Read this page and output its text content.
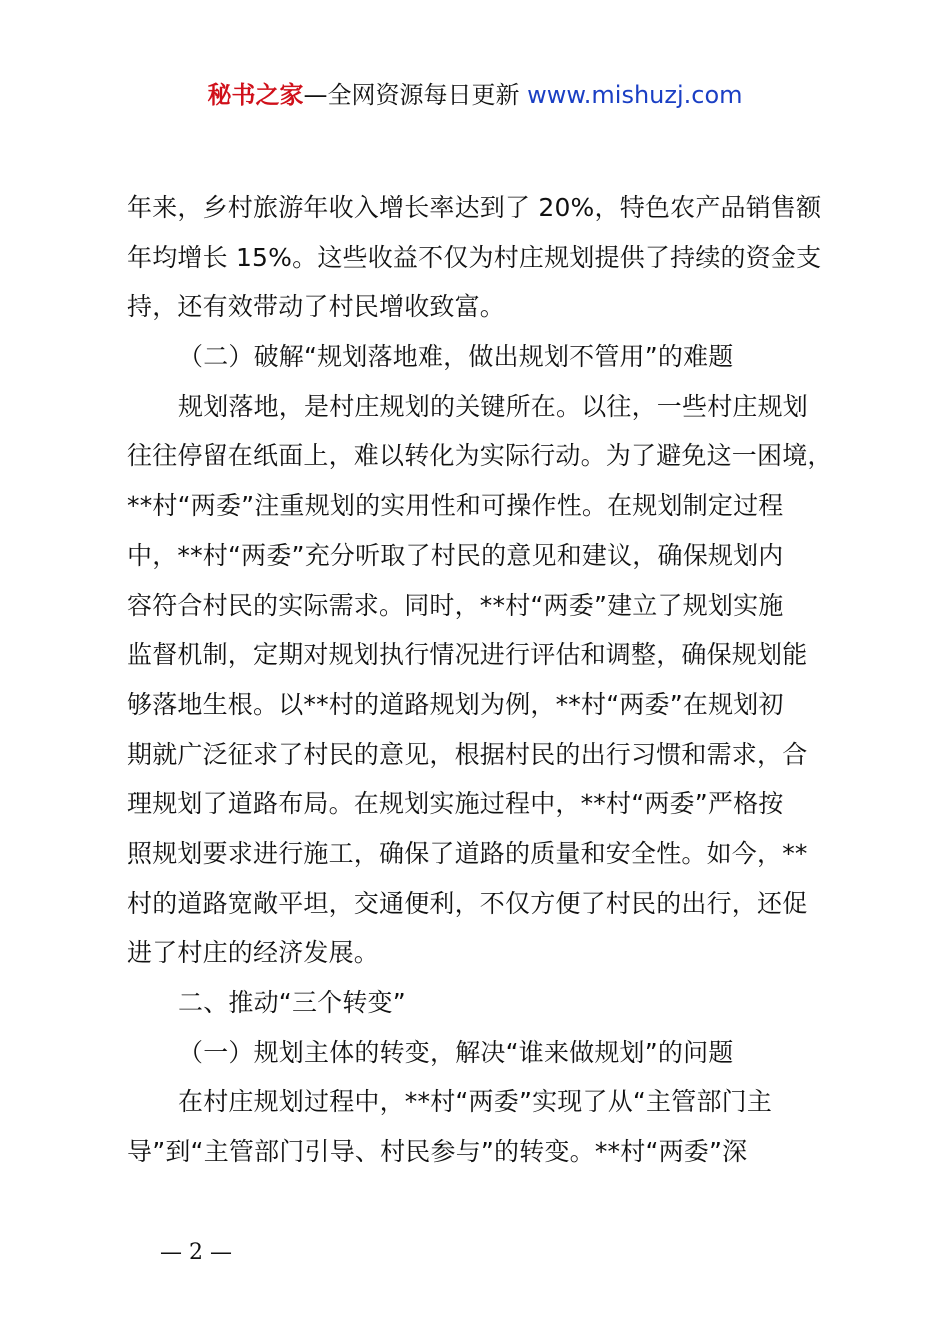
秘书之家—全网资源每日更新 www.mishuzj.com
年来，乡村旅游年收入增长率达到了 20%，特色农产品销售额
年均增长 15%。这些收益不仅为村庄规划提供了持续的资金支
持，还有效带动了村民增收致富。
（二）破解“规划落地难，做出规划不管用”的难题
规划落地，是村庄规划的关键所在。以往，一些村庄规划
往往停留在纸面上，难以转化为实际行动。为了避免这一困境，
**村“两委”注重规划的实用性和可操作性。在规划制定过程
中，**村“两委”充分听取了村民的意见和建议，确保规划内
容符合村民的实际需求。同时，**村“两委”建立了规划实施
监督机制，定期对规划执行情况进行评估和调整，确保规划能
够落地生根。以**村的道路规划为例，**村“两委”在规划初
期就广泛征求了村民的意见，根据村民的出行习惯和需求，合
理规划了道路布局。在规划实施过程中，**村“两委”严格按
照规划要求进行施工，确保了道路的质量和安全性。如今，**
村的道路宽敞平坦，交通便利，不仅方便了村民的出行，还促
进了村庄的经济发展。
二、推动“三个转变”
（一）规划主体的转变，解决“谁来做规划”的问题
在村庄规划过程中，**村“两委”实现了从“主管部门主
导”到“主管部门引导、村民参与”的转变。**村“两委”深
— 2 —
